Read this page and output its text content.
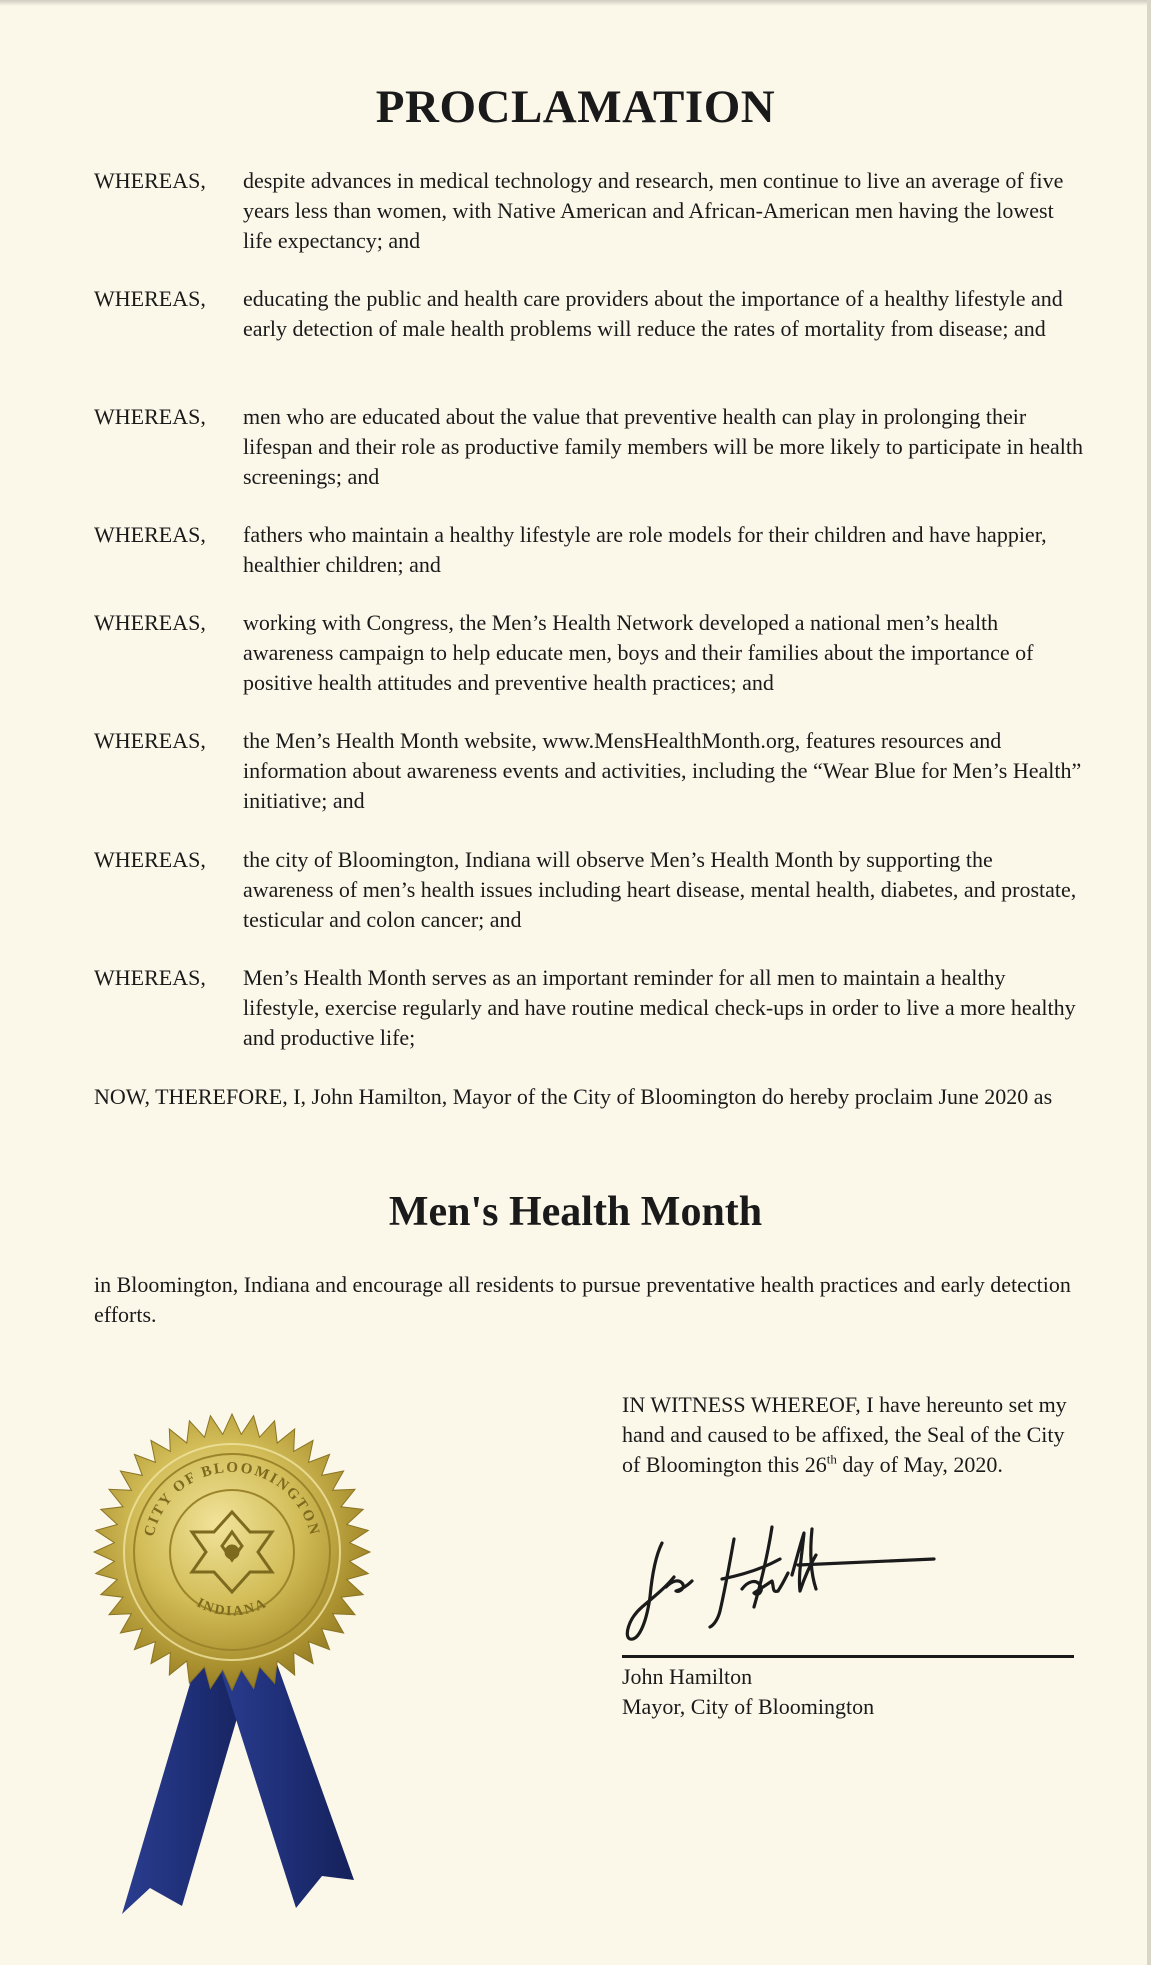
PROCLAMATION
WHEREAS,	despite advances in medical technology and research, men continue to live an average of five years less than women, with Native American and African-American men having the lowest life expectancy; and
WHEREAS,	educating the public and health care providers about the importance of a healthy lifestyle and early detection of male health problems will reduce the rates of mortality from disease; and
WHEREAS,	men who are educated about the value that preventive health can play in prolonging their lifespan and their role as productive family members will be more likely to participate in health screenings; and
WHEREAS,	fathers who maintain a healthy lifestyle are role models for their children and have happier, healthier children; and
WHEREAS,	working with Congress, the Men’s Health Network developed a national men’s health awareness campaign to help educate men, boys and their families about the importance of positive health attitudes and preventive health practices; and
WHEREAS,	the Men’s Health Month website, www.MensHealthMonth.org, features resources and information about awareness events and activities, including the “Wear Blue for Men’s Health” initiative; and
WHEREAS,	the city of Bloomington, Indiana will observe Men’s Health Month by supporting the awareness of men’s health issues including heart disease, mental health, diabetes, and prostate, testicular and colon cancer; and
WHEREAS,	Men’s Health Month serves as an important reminder for all men to maintain a healthy lifestyle, exercise regularly and have routine medical check-ups in order to live a more healthy and productive life;
NOW, THEREFORE, I, John Hamilton, Mayor of the City of Bloomington do hereby proclaim June 2020 as
Men's Health Month
in Bloomington, Indiana and encourage all residents to pursue preventative health practices and early detection efforts.
IN WITNESS WHEREOF, I have hereunto set my hand and caused to be affixed, the Seal of the City of Bloomington this 26th day of May, 2020.
John Hamilton
Mayor, City of Bloomington
CITY OF BLOOMINGTON
INDIANA
